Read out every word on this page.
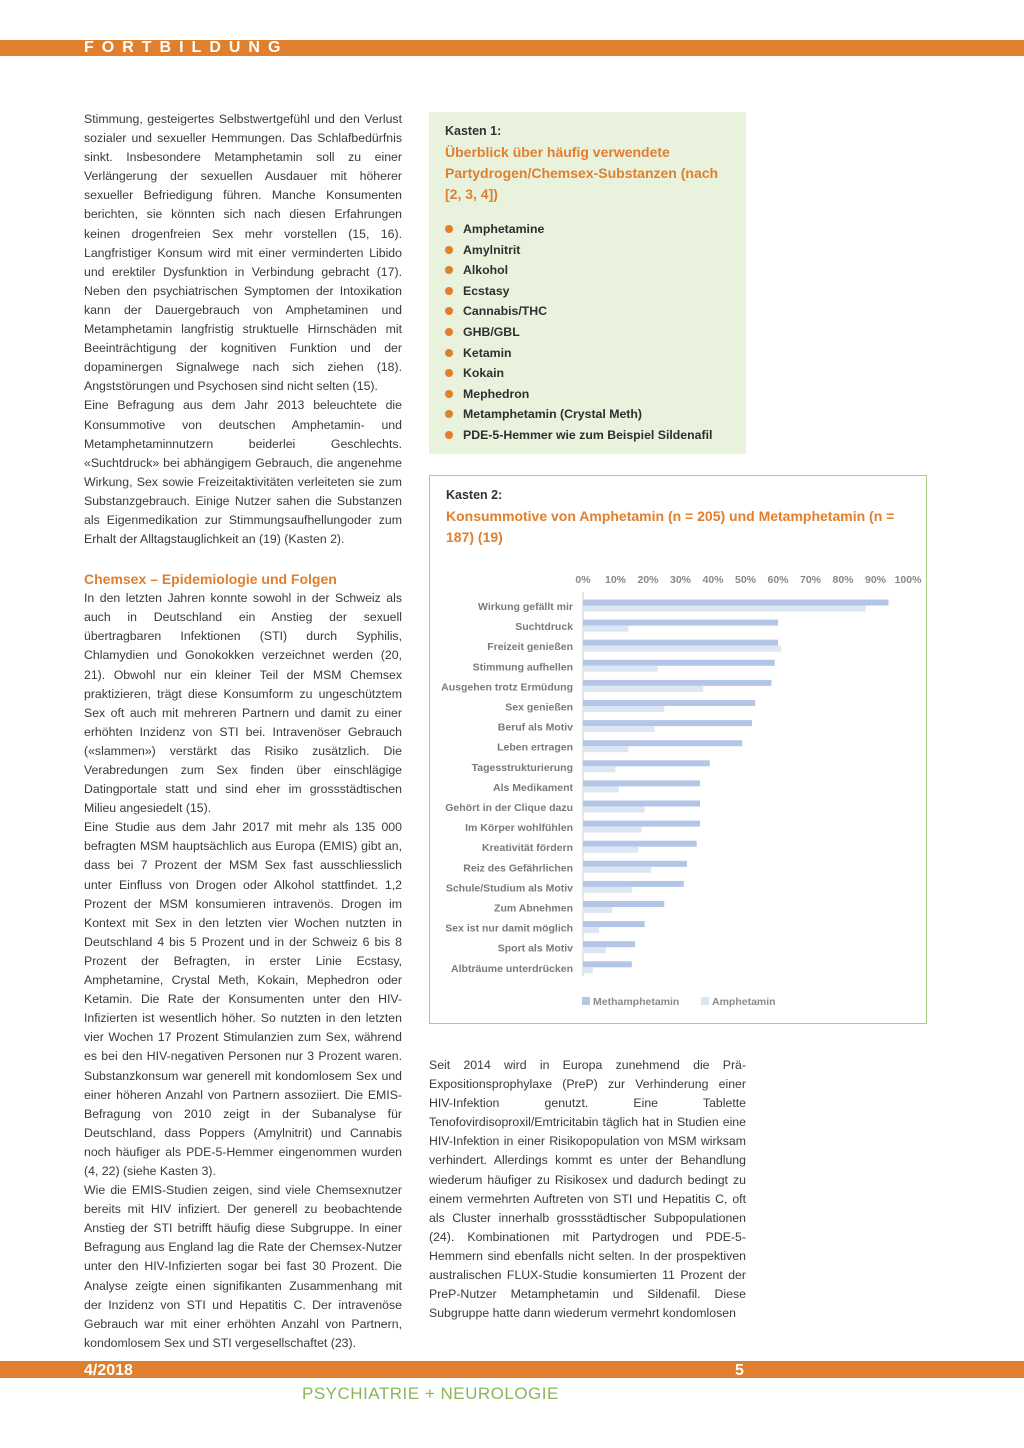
FORTBILDUNG

Stimmung, gesteigertes Selbstwertgefühl und den Verlust sozialer und sexueller Hemmungen. Das Schlafbedürfnis sinkt. Insbesondere Metamphetamin soll zu einer Verlängerung der sexuellen Ausdauer mit höherer sexueller Befriedigung führen. Manche Konsumenten berichten, sie könnten sich nach diesen Erfahrungen keinen drogenfreien Sex mehr vorstellen (15, 16). Langfristiger Konsum wird mit einer verminderten Libido und erektiler Dysfunktion in Verbindung gebracht (17). Neben den psychiatrischen Symptomen der Intoxikation kann der Dauergebrauch von Amphetaminen und Metamphetamin langfristig struktuelle Hirnschäden mit Beeinträchtigung der kognitiven Funktion und der dopaminergen Signalwege nach sich ziehen (18). Angststörungen und Psychosen sind nicht selten (15).

Eine Befragung aus dem Jahr 2013 beleuchtete die Konsummotive von deutschen Amphetamin- und Metamphetaminnutzern beiderlei Geschlechts. «Suchtdruck» bei abhängigem Gebrauch, die angenehme Wirkung, Sex sowie Freizeitaktivitäten verleiteten sie zum Substanzgebrauch. Einige Nutzer sahen die Substanzen als Eigenmedikation zur Stimmungsaufhellungoder zum Erhalt der Alltagstauglichkeit an (19) (Kasten 2).

Chemsex – Epidemiologie und Folgen

In den letzten Jahren konnte sowohl in der Schweiz als auch in Deutschland ein Anstieg der sexuell übertragbaren Infektionen (STI) durch Syphilis, Chlamydien und Gonokokken verzeichnet werden (20, 21). Obwohl nur ein kleiner Teil der MSM Chemsex praktizieren, trägt diese Konsumform zu ungeschütztem Sex oft auch mit mehreren Partnern und damit zu einer erhöhten Inzidenz von STI bei. Intravenöser Gebrauch («slammen») verstärkt das Risiko zusätzlich. Die Verabredungen zum Sex finden über einschlägige Datingportale statt und sind eher im grossstädtischen Milieu angesiedelt (15).

Eine Studie aus dem Jahr 2017 mit mehr als 135 000 befragten MSM hauptsächlich aus Europa (EMIS) gibt an, dass bei 7 Prozent der MSM Sex fast ausschliesslich unter Einfluss von Drogen oder Alkohol stattfindet. 1,2 Prozent der MSM konsumieren intravenös. Drogen im Kontext mit Sex in den letzten vier Wochen nutzten in Deutschland 4 bis 5 Prozent und in der Schweiz 6 bis 8 Prozent der Befragten, in erster Linie Ecstasy, Amphetamine, Crystal Meth, Kokain, Mephedron oder Ketamin. Die Rate der Konsumenten unter den HIV-Infizierten ist wesentlich höher. So nutzten in den letzten vier Wochen 17 Prozent Stimulanzien zum Sex, während es bei den HIV-negativen Personen nur 3 Prozent waren. Substanzkonsum war generell mit kondomlosem Sex und einer höheren Anzahl von Partnern assoziiert. Die EMIS-Befragung von 2010 zeigt in der Subanalyse für Deutschland, dass Poppers (Amylnitrit) und Cannabis noch häufiger als PDE-5-Hemmer eingenommen wurden (4, 22) (siehe Kasten 3).

Wie die EMIS-Studien zeigen, sind viele Chemsexnutzer bereits mit HIV infiziert. Der generell zu beobachtende Anstieg der STI betrifft häufig diese Subgruppe. In einer Befragung aus England lag die Rate der Chemsex-Nutzer unter den HIV-Infizierten sogar bei fast 30 Prozent. Die Analyse zeigte einen signifikanten Zusammenhang mit der Inzidenz von STI und Hepatitis C. Der intravenöse Gebrauch war mit einer erhöhten Anzahl von Partnern, kondomlosem Sex und STI vergesellschaftet (23).

Kasten 1:
Überblick über häufig verwendete Partydrogen/Chemsex-Substanzen (nach [2, 3, 4])
Amphetamine
Amylnitrit
Alkohol
Ecstasy
Cannabis/THC
GHB/GBL
Ketamin
Kokain
Mephedron
Metamphetamin (Crystal Meth)
PDE-5-Hemmer wie zum Beispiel Sildenafil
Kasten 2:
Konsummotive von Amphetamin (n = 205) und Metamphetamin (n = 187) (19)
0% 10% 20% 30% 40% 50% 60% 70% 80% 90% 100%
Wirkung gefällt mir
Suchtdruck
Freizeit genießen
Stimmung aufhellen
Ausgehen trotz Ermüdung
Sex genießen
Beruf als Motiv
Leben ertragen
Tagesstrukturierung
Als Medikament
Gehört in der Clique dazu
Im Körper wohlfühlen
Kreativität fördern
Reiz des Gefährlichen
Schule/Studium als Motiv
Zum Abnehmen
Sex ist nur damit möglich
Sport als Motiv
Albträume unterdrücken
Methamphetamin	Amphetamin

Seit 2014 wird in Europa zunehmend die Prä-Expositionsprophylaxe (PreP) zur Verhinderung einer HIV-Infektion genutzt. Eine Tablette Tenofovirdisoproxil/Emtricitabin täglich hat in Studien eine HIV-Infektion in einer Risikopopulation von MSM wirksam verhindert. Allerdings kommt es unter der Behandlung wiederum häufiger zu Risikosex und dadurch bedingt zu einem vermehrten Auftreten von STI und Hepatitis C, oft als Cluster innerhalb grossstädtischer Subpopulationen (24). Kombinationen mit Partydrogen und PDE-5-Hemmern sind ebenfalls nicht selten. In der prospektiven australischen FLUX-Studie konsumierten 11 Prozent der PreP-Nutzer Metamphetamin und Sildenafil. Diese Subgruppe hatte dann wiederum vermehrt kondomlosen

4/2018	5
PSYCHIATRIE + NEUROLOGIE
